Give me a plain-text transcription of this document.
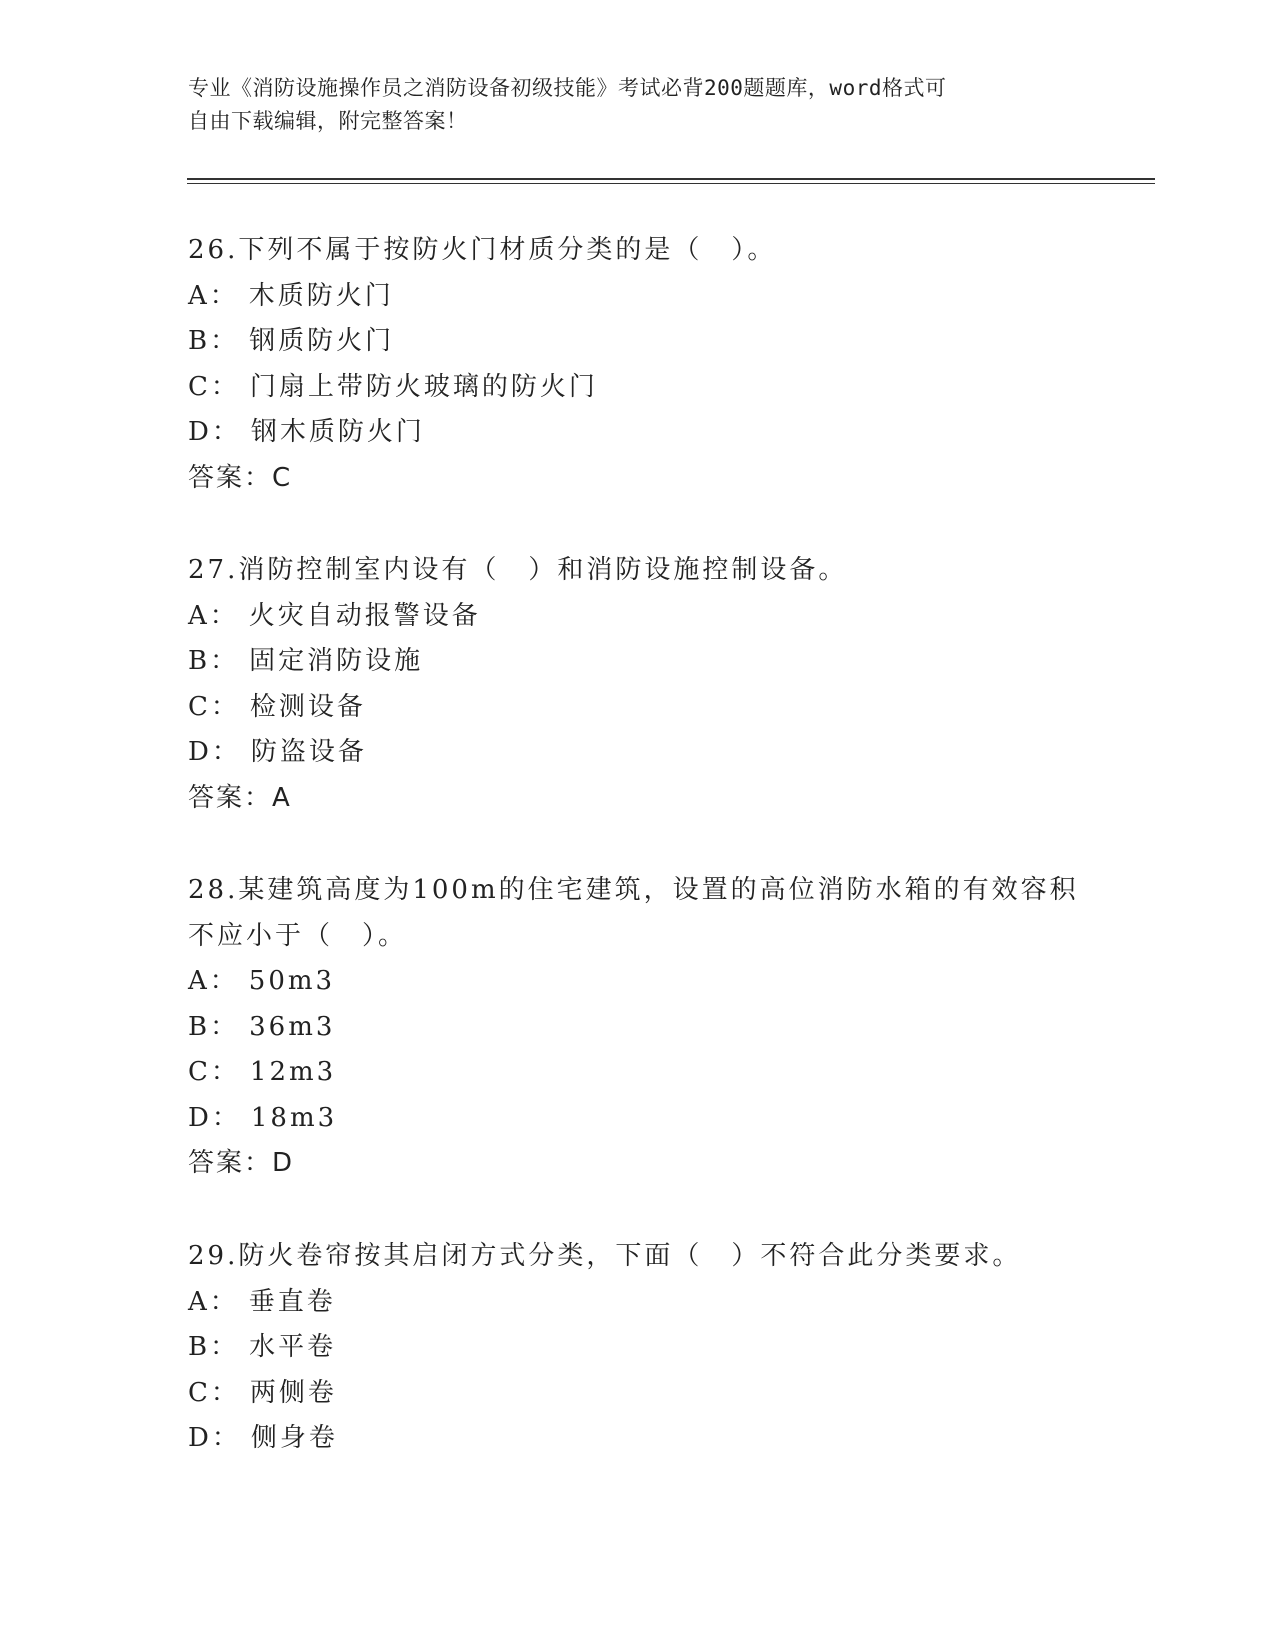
专业《消防设施操作员之消防设备初级技能》考试必背200题题库，word格式可
自由下载编辑，附完整答案！
26.下列不属于按防火门材质分类的是（　）。
A： 木质防火门
B： 钢质防火门
C： 门扇上带防火玻璃的防火门
D： 钢木质防火门
答案：C
27.消防控制室内设有（　）和消防设施控制设备。
A： 火灾自动报警设备
B： 固定消防设施
C： 检测设备
D： 防盗设备
答案：A
28.某建筑高度为100m的住宅建筑，设置的高位消防水箱的有效容积
不应小于（　）。
A： 50m3
B： 36m3
C： 12m3
D： 18m3
答案：D
29.防火卷帘按其启闭方式分类，下面（　）不符合此分类要求。
A： 垂直卷
B： 水平卷
C： 两侧卷
D： 侧身卷
